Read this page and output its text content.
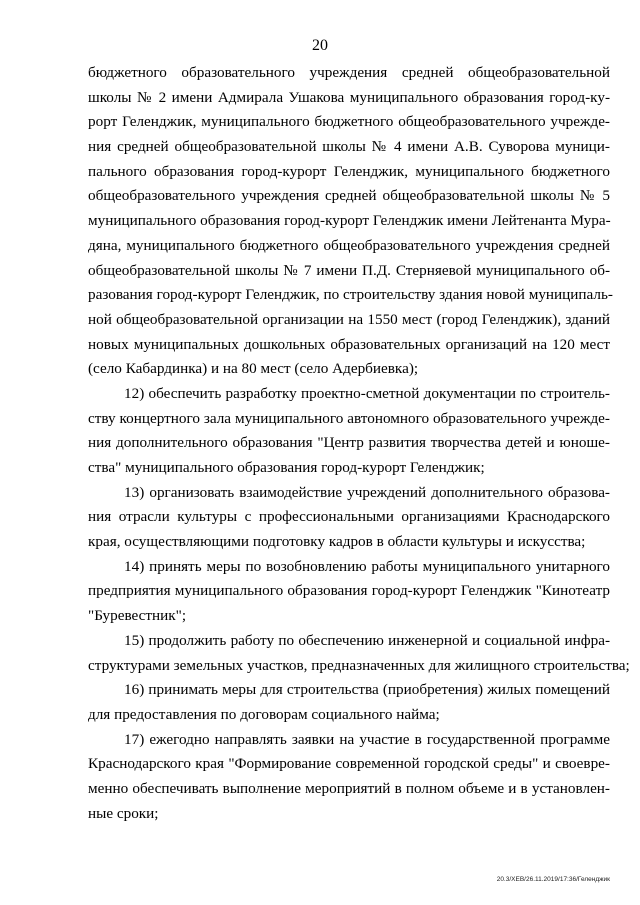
20
бюджетного образовательного учреждения средней общеобразовательной
школы № 2 имени Адмирала Ушакова муниципального образования город-ку-
рорт Геленджик, муниципального бюджетного общеобразовательного учрежде-
ния средней общеобразовательной школы № 4 имени А.В. Суворова муници-
пального образования город-курорт Геленджик, муниципального бюджетного
общеобразовательного учреждения средней общеобразовательной школы № 5
муниципального образования город-курорт Геленджик имени Лейтенанта Мура-
дяна, муниципального бюджетного общеобразовательного учреждения средней
общеобразовательной школы № 7 имени П.Д. Стерняевой муниципального об-
разования город-курорт Геленджик, по строительству здания новой муниципаль-
ной общеобразовательной организации на 1550 мест (город Геленджик), зданий
новых муниципальных дошкольных образовательных организаций на 120 мест
(село Кабардинка) и на 80 мест (село Адербиевка);
12) обеспечить разработку проектно-сметной документации по строитель-
ству концертного зала муниципального автономного образовательного учрежде-
ния дополнительного образования "Центр развития творчества детей и юноше-
ства" муниципального образования город-курорт Геленджик;
13) организовать взаимодействие учреждений дополнительного образова-
ния отрасли культуры с профессиональными организациями Краснодарского
края, осуществляющими подготовку кадров в области культуры и искусства;
14) принять меры по возобновлению работы муниципального унитарного
предприятия муниципального образования город-курорт Геленджик "Кинотеатр
"Буревестник";
15) продолжить работу по обеспечению инженерной и социальной инфра-
структурами земельных участков, предназначенных для жилищного строительства;
16) принимать меры для строительства (приобретения) жилых помещений
для предоставления по договорам социального найма;
17) ежегодно направлять заявки на участие в государственной программе
Краснодарского края "Формирование современной городской среды" и своевре-
менно обеспечивать выполнение мероприятий в полном объеме и в установлен-
ные сроки;
20.3/ХЕВ/26.11.2019/17:36/Геленджик
